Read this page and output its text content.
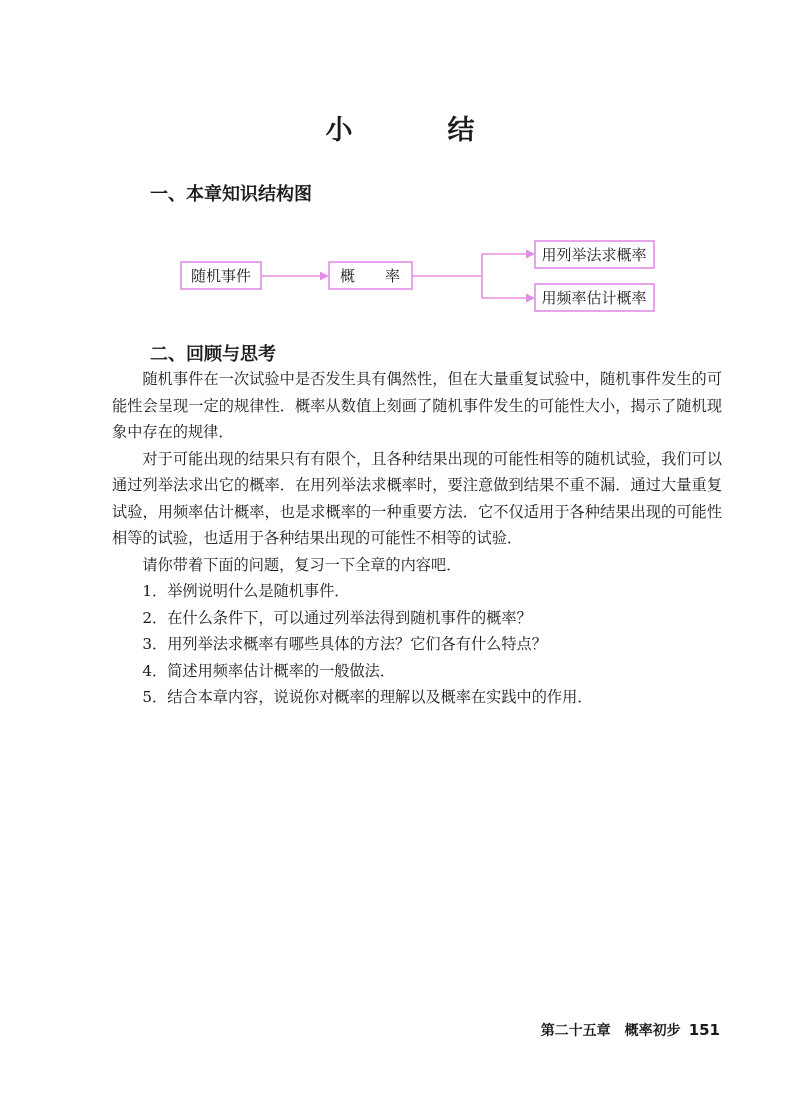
小　结
一、本章知识结构图
随机事件	概　　率
用列举法求概率
用频率估计概率
二、回顾与思考

随机事件在一次试验中是否发生具有偶然性，但在大量重复试验中，随机事件发生的可能性会呈现一定的规律性．概率从数值上刻画了随机事件发生的可能性大小，揭示了随机现象中存在的规律．

对于可能出现的结果只有有限个，且各种结果出现的可能性相等的随机试验，我们可以通过列举法求出它的概率．在用列举法求概率时，要注意做到结果不重不漏．通过大量重复试验，用频率估计概率，也是求概率的一种重要方法．它不仅适用于各种结果出现的可能性相等的试验，也适用于各种结果出现的可能性不相等的试验．

请你带着下面的问题，复习一下全章的内容吧．

1．举例说明什么是随机事件．

2．在什么条件下，可以通过列举法得到随机事件的概率？

3．用列举法求概率有哪些具体的方法？它们各有什么特点？

4．简述用频率估计概率的一般做法．

5．结合本章内容，说说你对概率的理解以及概率在实践中的作用．

第二十五章　概率初步 151
